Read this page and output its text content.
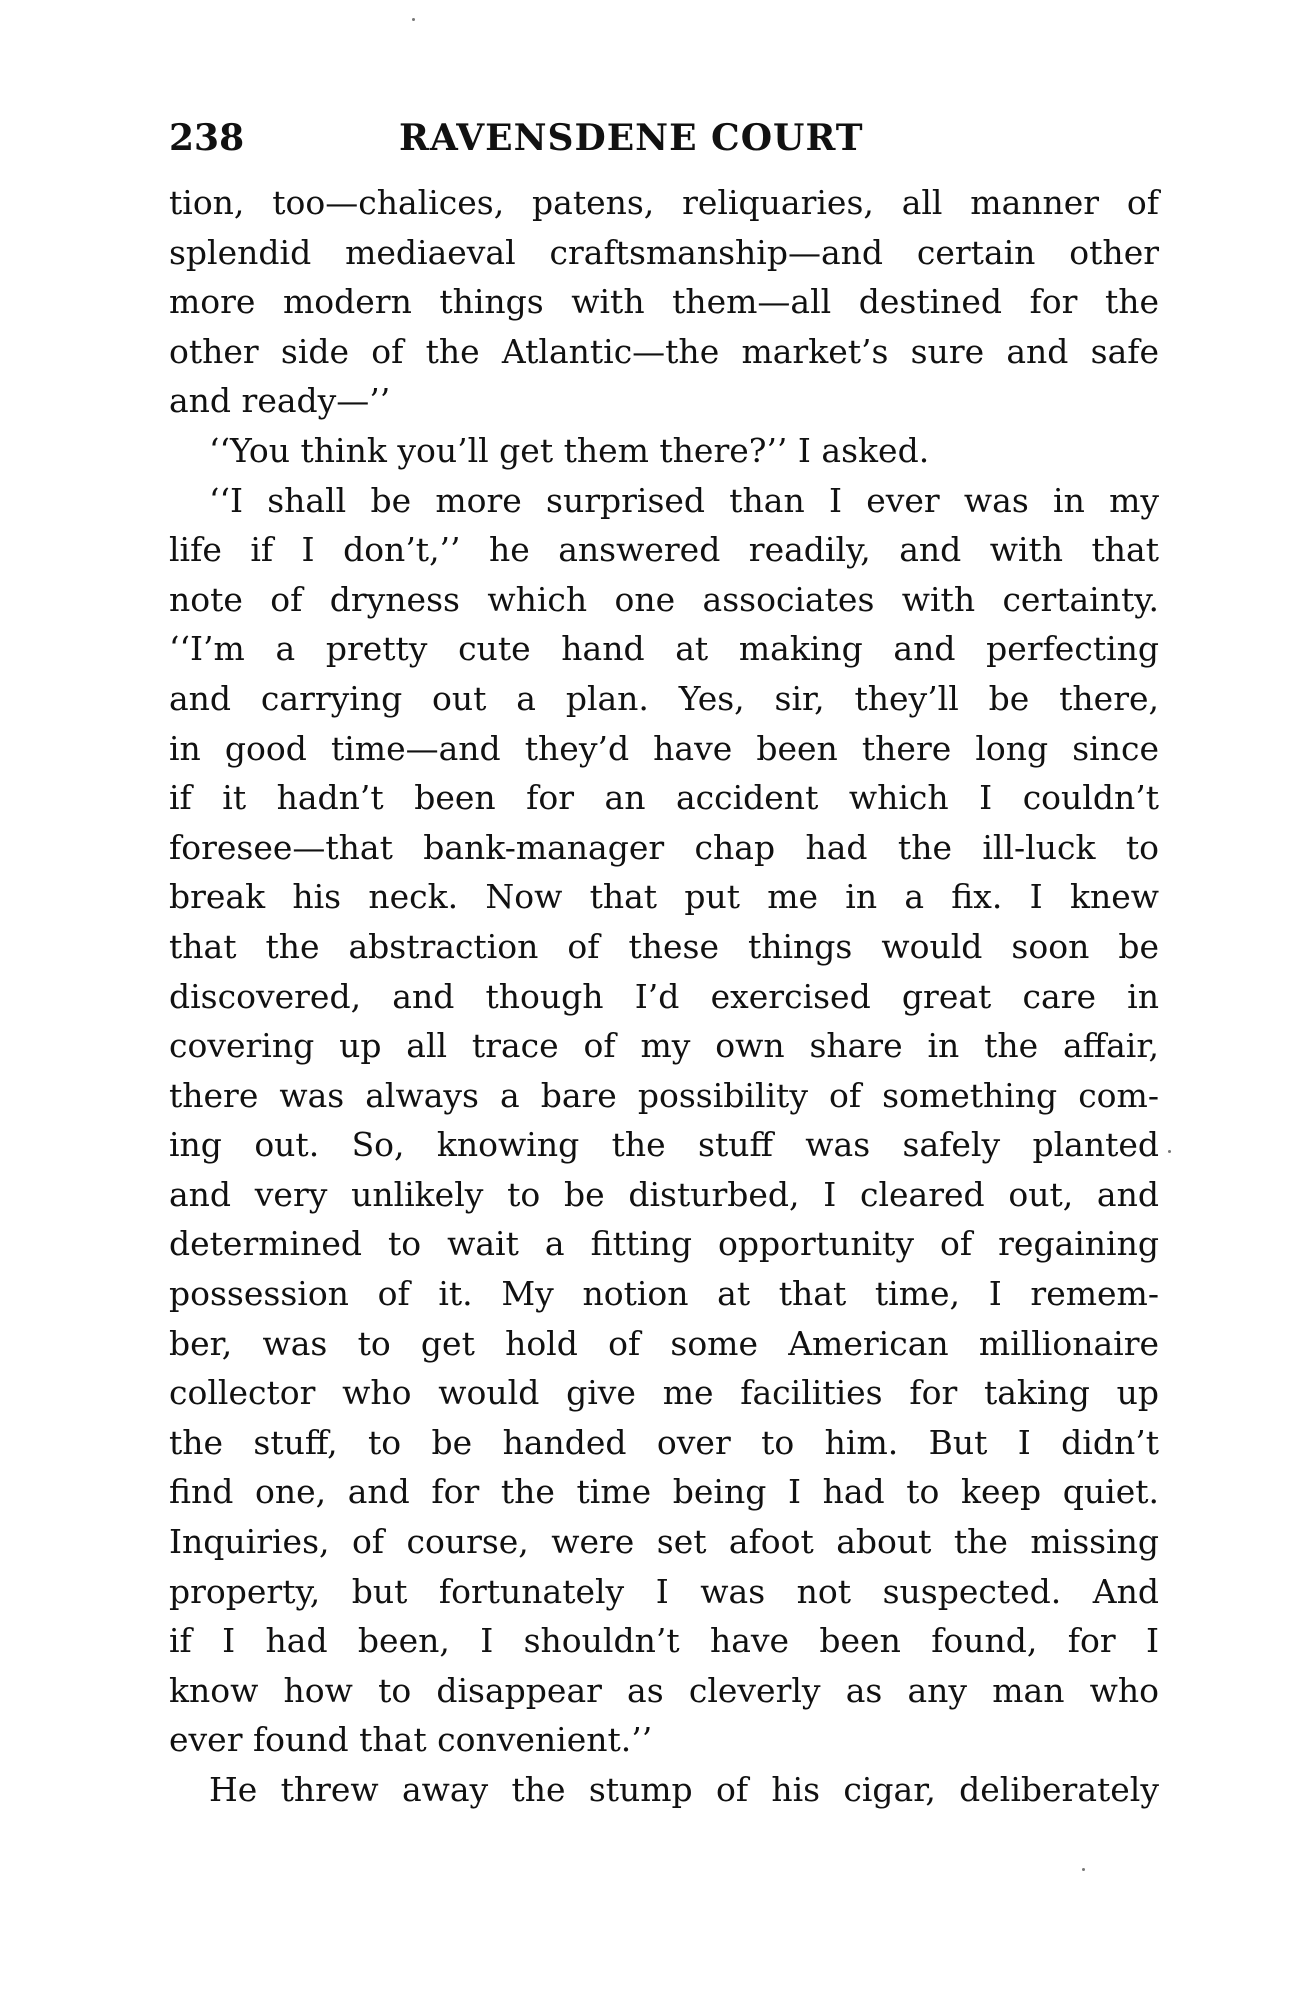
238	RAVENSDENE COURT
tion, too—chalices, patens, reliquaries, all manner of
splendid mediaeval craftsmanship—and certain other
more modern things with them—all destined for the
other side of the Atlantic—the market’s sure and safe
and ready—’’
‘‘You think you’ll get them there?’’ I asked.
‘‘I shall be more surprised than I ever was in my
life if I don’t,’’ he answered readily, and with that
note of dryness which one associates with certainty.
‘‘I’m a pretty cute hand at making and perfecting
and carrying out a plan. Yes, sir, they’ll be there,
in good time—and they’d have been there long since
if it hadn’t been for an accident which I couldn’t
foresee—that bank-manager chap had the ill-luck to
break his neck. Now that put me in a fix. I knew
that the abstraction of these things would soon be
discovered, and though I’d exercised great care in
covering up all trace of my own share in the affair,
there was always a bare possibility of something com-
ing out. So, knowing the stuff was safely planted
and very unlikely to be disturbed, I cleared out, and
determined to wait a fitting opportunity of regaining
possession of it. My notion at that time, I remem-
ber, was to get hold of some American millionaire
collector who would give me facilities for taking up
the stuff, to be handed over to him. But I didn’t
find one, and for the time being I had to keep quiet.
Inquiries, of course, were set afoot about the missing
property, but fortunately I was not suspected. And
if I had been, I shouldn’t have been found, for I
know how to disappear as cleverly as any man who
ever found that convenient.’’
He threw away the stump of his cigar, deliberately
